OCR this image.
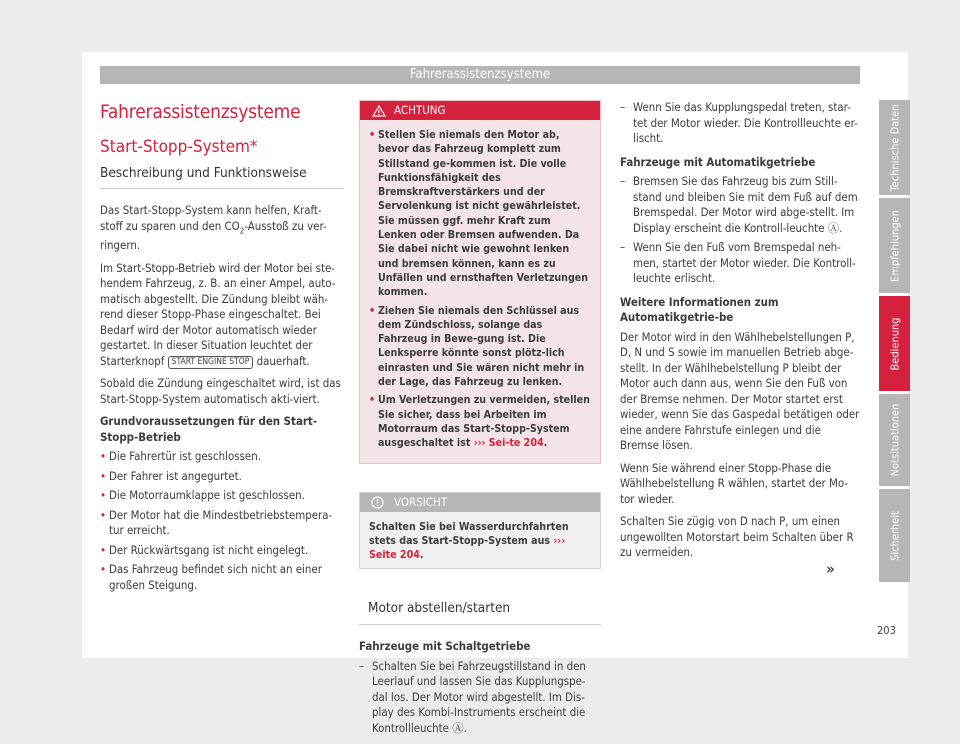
Fahrerassistenzsysteme
Fahrerassistenzsysteme
Start-Stopp-System*
Beschreibung und Funktionsweise

Das Start-Stopp-System kann helfen, Kraft-stoff zu sparen und den $CO_2$-Ausstoß zu ver-ringern.

Im Start-Stopp-Betrieb wird der Motor bei ste-hendem Fahrzeug, z. B. an einer Ampel, auto-matisch abgestellt. Die Zündung bleibt wäh-rend dieser Stopp-Phase eingeschaltet. Bei Bedarf wird der Motor automatisch wieder gestartet. In dieser Situation leuchtet der Starterknopf START ENGINE STOP dauerhaft.

Sobald die Zündung eingeschaltet wird, ist das Start-Stopp-System automatisch akti-viert.

Grundvoraussetzungen für den Start-Stopp-Betrieb

• Die Fahrertür ist geschlossen.
• Der Fahrer ist angegurtet.
• Die Motorraumklappe ist geschlossen.
• Der Motor hat die Mindestbetriebstempera-tur erreicht.
• Der Rückwärtsgang ist nicht eingelegt.
• Das Fahrzeug befindet sich nicht an einer großen Steigung.
ACHTUNG
• Stellen Sie niemals den Motor ab, bevor das Fahrzeug komplett zum Stillstand ge-kommen ist. Die volle Funktionsfähigkeit des Bremskraftverstärkers und der Servolenkung ist nicht gewährleistet. Sie müssen ggf. mehr Kraft zum Lenken oder Bremsen aufwenden. Da Sie dabei nicht wie gewohnt lenken und bremsen können, kann es zu Unfällen und ernsthaften Verletzungen kommen.
• Ziehen Sie niemals den Schlüssel aus dem Zündschloss, solange das Fahrzeug in Bewe-gung ist. Die Lenksperre könnte sonst plötz-lich einrasten und Sie wären nicht mehr in der Lage, das Fahrzeug zu lenken.
• Um Verletzungen zu vermeiden, stellen Sie sicher, dass bei Arbeiten im Motorraum das Start-Stopp-System ausgeschaltet ist ››› Sei-te 204.
VORSICHT
Schalten Sie bei Wasserdurchfahrten stets das Start-Stopp-System aus ››› Seite 204.
Motor abstellen/starten

Fahrzeuge mit Schaltgetriebe

– Schalten Sie bei Fahrzeugstillstand in den Leerlauf und lassen Sie das Kupplungspe-dal los. Der Motor wird abgestellt. Im Dis-play des Kombi-Instruments erscheint die Kontrollleuchte Ⓐ.
– Wenn Sie das Kupplungspedal treten, star-tet der Motor wieder. Die Kontrollleuchte er-lischt.

Fahrzeuge mit Automatikgetriebe

– Bremsen Sie das Fahrzeug bis zum Still-stand und bleiben Sie mit dem Fuß auf dem Bremspedal. Der Motor wird abge-stellt. Im Display erscheint die Kontroll-leuchte Ⓐ.
– Wenn Sie den Fuß vom Bremspedal neh-men, startet der Motor wieder. Die Kontroll-leuchte erlischt.

Weitere Informationen zum Automatikgetrie-be

Der Motor wird in den Wählhebelstellungen P, D, N und S sowie im manuellen Betrieb abge-stellt. In der Wählhebelstellung P bleibt der Motor auch dann aus, wenn Sie den Fuß von der Bremse nehmen. Der Motor startet erst wieder, wenn Sie das Gaspedal betätigen oder eine andere Fahrstufe einlegen und die Bremse lösen.

Wenn Sie während einer Stopp-Phase die Wählhebelstellung R wählen, startet der Mo-tor wieder.

Schalten Sie zügig von D nach P, um einen ungewollten Motorstart beim Schalten über R zu vermeiden.

»
Technische Daten
Empfehlungen
Bedienung
Notsituationen
Sicherheit
203
